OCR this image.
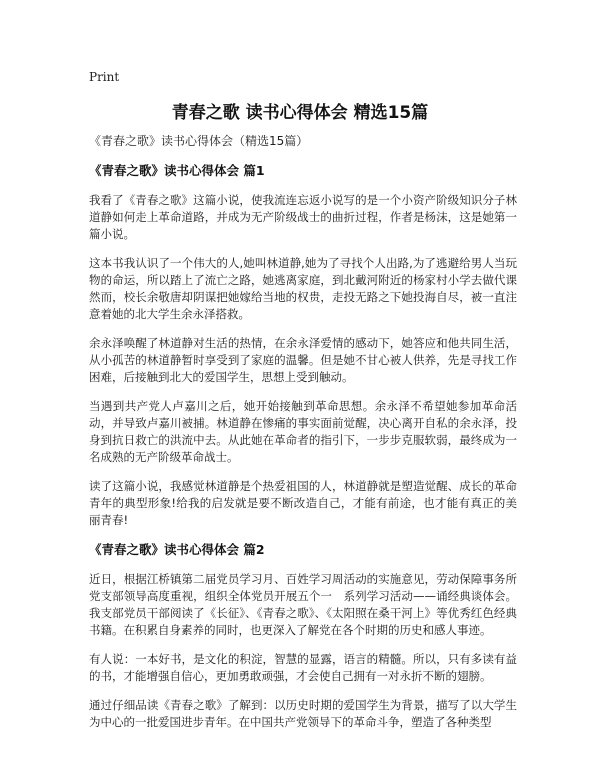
Print
青春之歌 读书心得体会 精选15篇
《青春之歌》读书心得体会（精选15篇）
《青春之歌》读书心得体会 篇1

我看了《青春之歌》这篇小说，使我流连忘返小说写的是一个小资产阶级知识分子林道静如何走上革命道路，并成为无产阶级战士的曲折过程，作者是杨沫，这是她第一篇小说。

这本书我认识了一个伟大的人,她叫林道静,她为了寻找个人出路,为了逃避给男人当玩物的命运，所以踏上了流亡之路，她逃离家庭，到北戴河附近的杨家村小学去做代课然而，校长余敬唐却阴谋把她嫁给当地的权贵，走投无路之下她投海自尽，被一直注意着她的北大学生余永泽搭救。

余永泽唤醒了林道静对生活的热情，在余永泽爱情的感动下，她答应和他共同生活，从小孤苦的林道静暂时享受到了家庭的温馨。但是她不甘心被人供养，先是寻找工作困难，后接触到北大的爱国学生，思想上受到触动。

当遇到共产党人卢嘉川之后，她开始接触到革命思想。余永泽不希望她参加革命活动，并导致卢嘉川被捕。林道静在惨痛的事实面前觉醒，决心离开自私的余永泽，投身到抗日救亡的洪流中去。从此她在革命者的指引下，一步步克服软弱，最终成为一名成熟的无产阶级革命战士。

读了这篇小说，我感觉林道静是个热爱祖国的人，林道静就是塑造觉醒、成长的革命青年的典型形象!给我的启发就是要不断改造自己，才能有前途，也才能有真正的美丽青春!

《青春之歌》读书心得体会 篇2

近日，根据江桥镇第二届党员学习月、百姓学习周活动的实施意见，劳动保障事务所党支部领导高度重视，组织全体党员开展五个一　系列学习活动——诵经典谈体会。我支部党员干部阅读了《长征》、《青春之歌》、《太阳照在桑干河上》等优秀红色经典书籍。在积累自身素养的同时，也更深入了解党在各个时期的历史和感人事迹。

有人说：一本好书，是文化的积淀，智慧的显露，语言的精髓。所以，只有多读有益的书，才能增强自信心，更加勇敢顽强，才会使自己拥有一对永折不断的翅膀。

通过仔细品读《青春之歌》了解到：以历史时期的爱国学生为背景，描写了以大学生为中心的一批爱国进步青年。在中国共产党领导下的革命斗争，塑造了各种类型
